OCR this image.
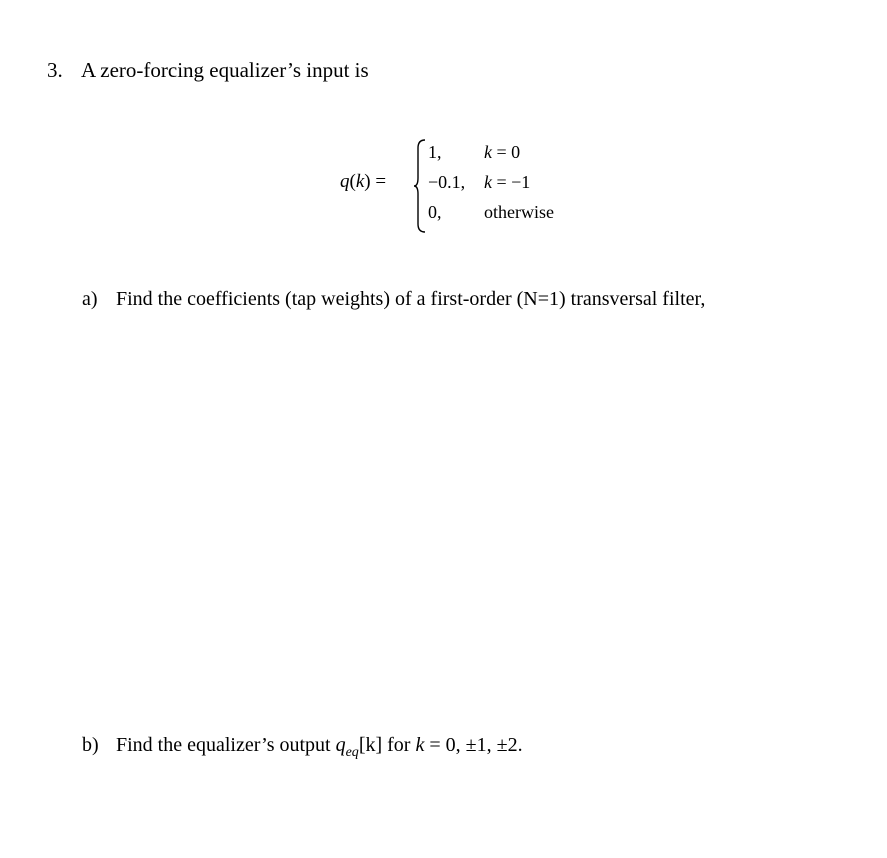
3. A zero-forcing equalizer’s input is
q(k) =
1, k = 0
−0.1, k = −1
0, otherwise
a) Find the coefficients (tap weights) of a first-order (N=1) transversal filter,
b) Find the equalizer’s output $q_{eq}[k]$ for k = 0, ±1, ±2.
